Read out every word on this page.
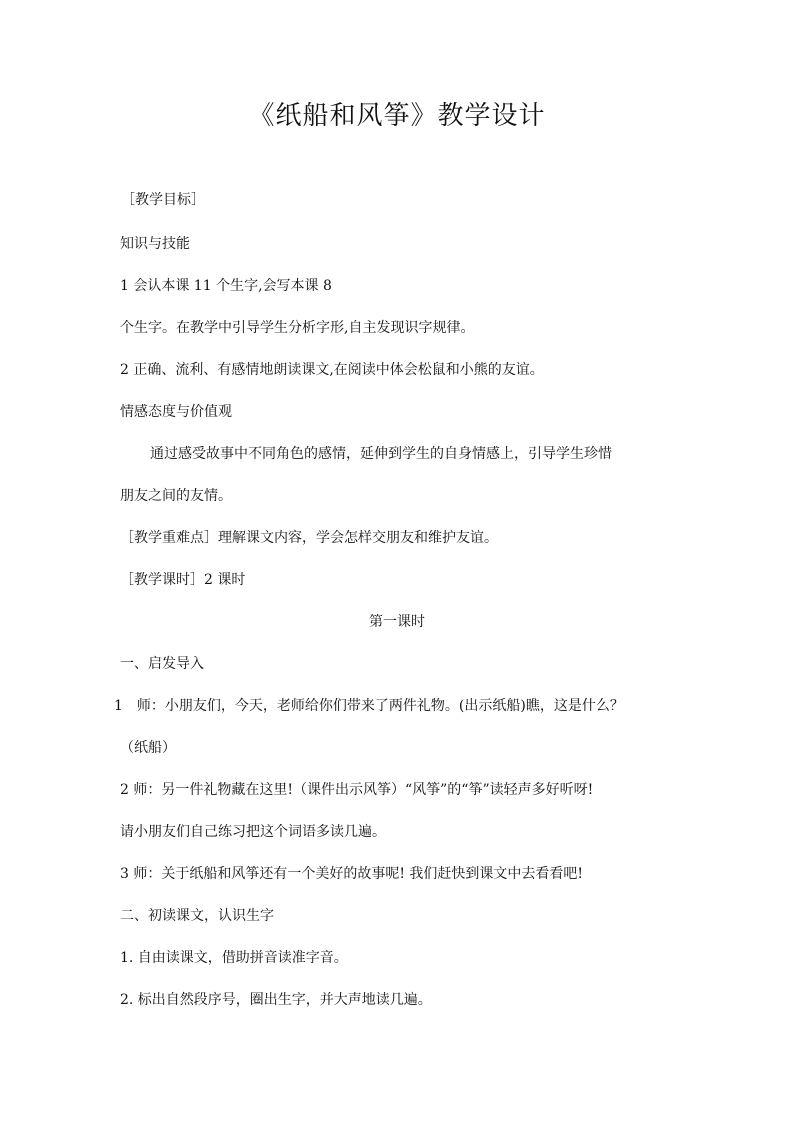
《纸船和风筝》教学设计
［教学目标］
知识与技能
1 会认本课 11 个生字,会写本课 8
个生字。在教学中引导学生分析字形,自主发现识字规律。
2 正确、流利、有感情地朗读课文,在阅读中体会松鼠和小熊的友谊。
情感态度与价值观
通过感受故事中不同角色的感情，延伸到学生的自身情感上，引导学生珍惜
朋友之间的友情。
［教学重难点］理解课文内容，学会怎样交朋友和维护友谊。
［教学课时］2 课时
第一课时
一、启发导入
1　师：小朋友们，今天，老师给你们带来了两件礼物。(出示纸船)瞧，这是什么？
（纸船）
2 师：另一件礼物藏在这里!（课件出示风筝）“风筝”的“筝”读轻声多好听呀!
请小朋友们自己练习把这个词语多读几遍。
3 师：关于纸船和风筝还有一个美好的故事呢! 我们赶快到课文中去看看吧!
二、初读课文，认识生字
1. 自由读课文，借助拼音读准字音。
2. 标出自然段序号，圈出生字，并大声地读几遍。
